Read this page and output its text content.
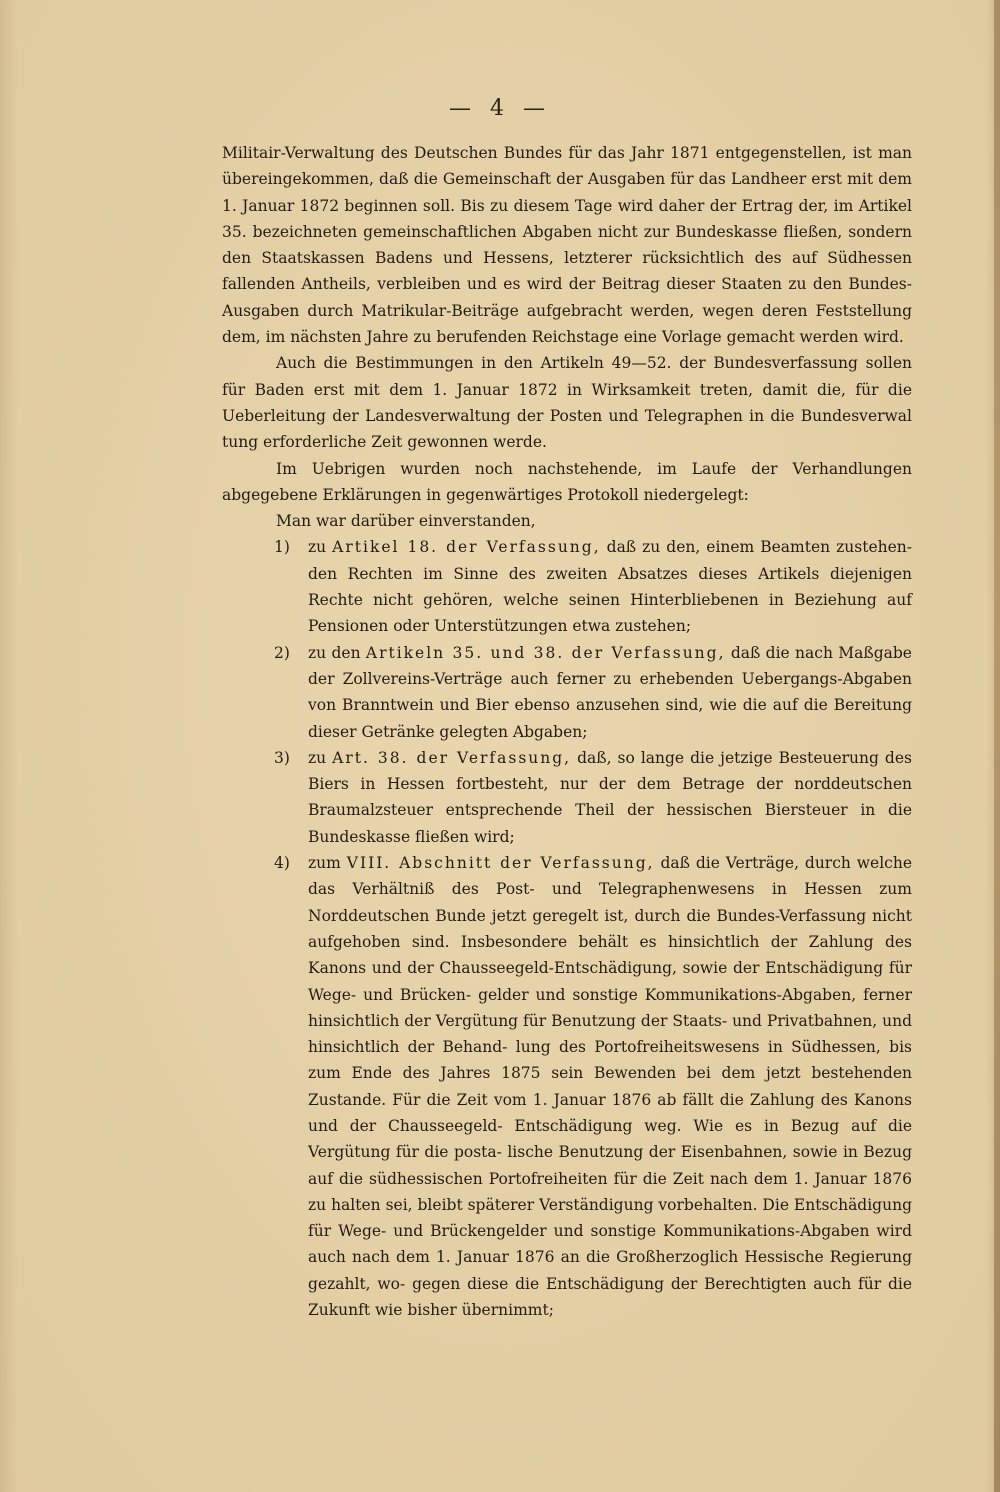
— 4 —

Militair-Verwaltung des Deutschen Bundes für das Jahr 1871 entgegenstellen, ist man übereingekommen, daß die Gemeinschaft der Ausgaben für das Landheer erst mit dem 1. Januar 1872 beginnen soll. Bis zu diesem Tage wird daher der Ertrag der, im Artikel 35. bezeichneten gemeinschaftlichen Abgaben nicht zur Bundeskasse fließen, sondern den Staatskassen Badens und Hessens, letzterer rücksichtlich des auf Südhessen fallenden Antheils, verbleiben und es wird der Beitrag dieser Staaten zu den Bundes-Ausgaben durch Matrikular-Beiträge aufgebracht werden, wegen deren Feststellung dem, im nächsten Jahre zu berufenden Reichstage eine Vorlage gemacht werden wird.

Auch die Bestimmungen in den Artikeln 49—52. der Bundesverfassung sollen für Baden erst mit dem 1. Januar 1872 in Wirksamkeit treten, damit die, für die Ueberleitung der Landesverwaltung der Posten und Telegraphen in die Bundesverwal tung erforderliche Zeit gewonnen werde.

Im Uebrigen wurden noch nachstehende, im Laufe der Verhandlungen abgegebene Erklärungen in gegenwärtiges Protokoll niedergelegt:

Man war darüber einverstanden,

1) zu Artikel 18. der Verfassung, daß zu den, einem Beamten zustehen- den Rechten im Sinne des zweiten Absatzes dieses Artikels diejenigen Rechte nicht gehören, welche seinen Hinterbliebenen in Beziehung auf Pensionen oder Unterstützungen etwa zustehen;

2) zu den Artikeln 35. und 38. der Verfassung, daß die nach Maßgabe der Zollvereins-Verträge auch ferner zu erhebenden Uebergangs-Abgaben von Branntwein und Bier ebenso anzusehen sind, wie die auf die Bereitung dieser Getränke gelegten Abgaben;

3) zu Art. 38. der Verfassung, daß, so lange die jetzige Besteuerung des Biers in Hessen fortbesteht, nur der dem Betrage der norddeutschen Braumalzsteuer entsprechende Theil der hessischen Biersteuer in die Bundeskasse fließen wird;

4) zum VIII. Abschnitt der Verfassung, daß die Verträge, durch welche das Verhältniß des Post- und Telegraphenwesens in Hessen zum Norddeutschen Bunde jetzt geregelt ist, durch die Bundes-Verfassung nicht aufgehoben sind. Insbesondere behält es hinsichtlich der Zahlung des Kanons und der Chausseegeld-Entschädigung, sowie der Entschädigung für Wege- und Brücken- gelder und sonstige Kommunikations-Abgaben, ferner hinsichtlich der Vergütung für Benutzung der Staats- und Privatbahnen, und hinsichtlich der Behand- lung des Portofreiheitswesens in Südhessen, bis zum Ende des Jahres 1875 sein Bewenden bei dem jetzt bestehenden Zustande. Für die Zeit vom 1. Januar 1876 ab fällt die Zahlung des Kanons und der Chausseegeld- Entschädigung weg. Wie es in Bezug auf die Vergütung für die posta- lische Benutzung der Eisenbahnen, sowie in Bezug auf die südhessischen Portofreiheiten für die Zeit nach dem 1. Januar 1876 zu halten sei, bleibt späterer Verständigung vorbehalten. Die Entschädigung für Wege- und Brückengelder und sonstige Kommunikations-Abgaben wird auch nach dem 1. Januar 1876 an die Großherzoglich Hessische Regierung gezahlt, wo- gegen diese die Entschädigung der Berechtigten auch für die Zukunft wie bisher übernimmt;
